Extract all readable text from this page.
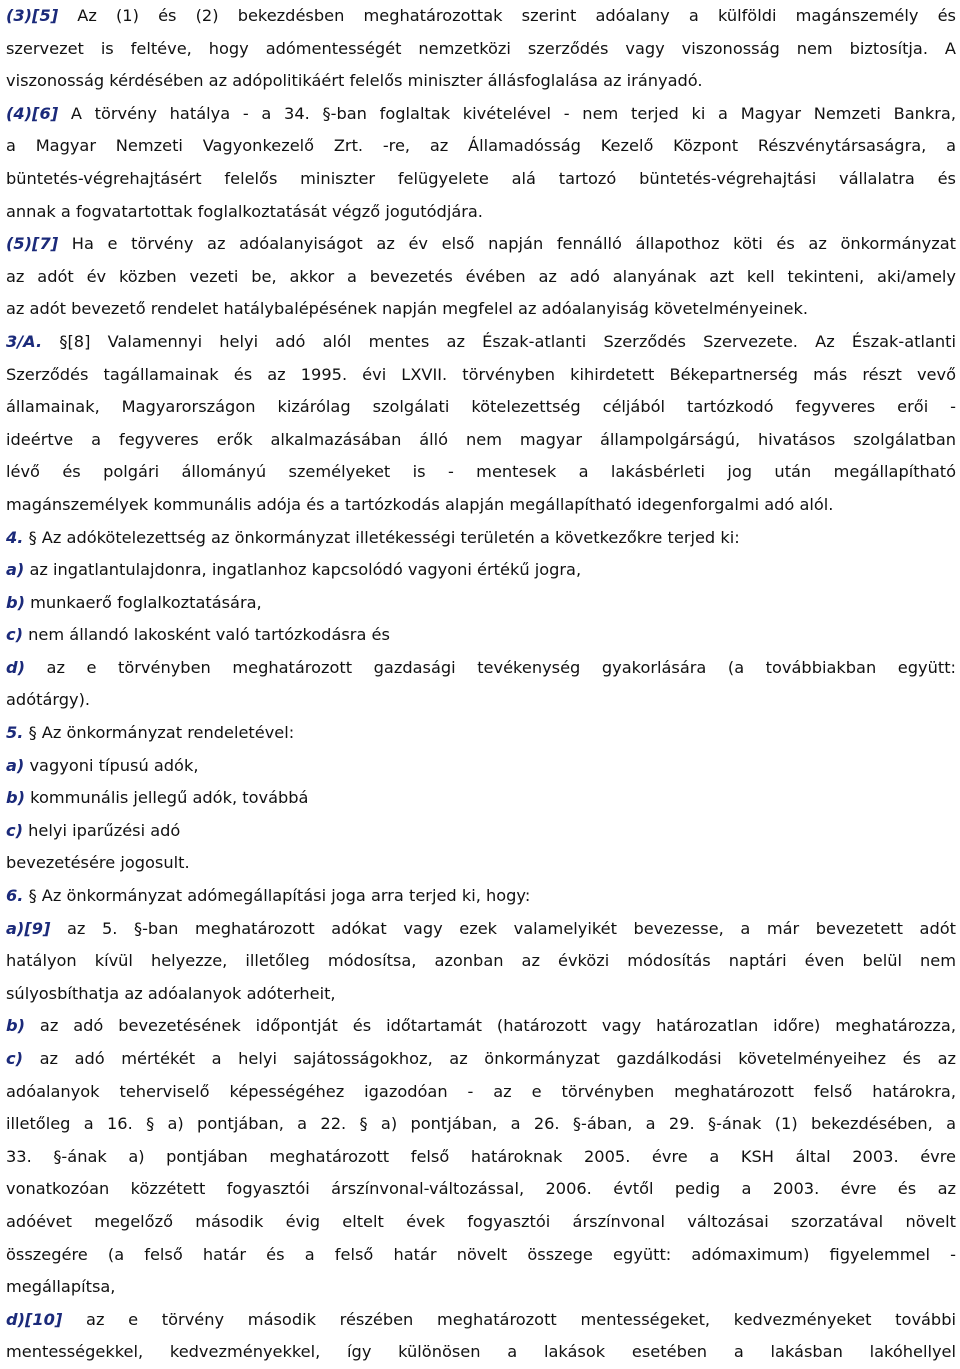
(3)[5] Az (1) és (2) bekezdésben meghatározottak szerint adóalany a külföldi magánszemély és
szervezet is feltéve, hogy adómentességét nemzetközi szerződés vagy viszonosság nem biztosítja. A
viszonosság kérdésében az adópolitikáért felelős miniszter állásfoglalása az irányadó.
(4)[6] A törvény hatálya - a 34. §-ban foglaltak kivételével - nem terjed ki a Magyar Nemzeti Bankra,
a Magyar Nemzeti Vagyonkezelő Zrt. -re, az Államadósság Kezelő Központ Részvénytársaságra, a
büntetés-végrehajtásért felelős miniszter felügyelete alá tartozó büntetés-végrehajtási vállalatra és
annak a fogvatartottak foglalkoztatását végző jogutódjára.
(5)[7] Ha e törvény az adóalanyiságot az év első napján fennálló állapothoz köti és az önkormányzat
az adót év közben vezeti be, akkor a bevezetés évében az adó alanyának azt kell tekinteni, aki/amely
az adót bevezető rendelet hatálybalépésének napján megfelel az adóalanyiság követelményeinek.
3/A. §[8] Valamennyi helyi adó alól mentes az Észak-atlanti Szerződés Szervezete. Az Észak-atlanti
Szerződés tagállamainak és az 1995. évi LXVII. törvényben kihirdetett Békepartnerség más részt vevő
államainak, Magyarországon kizárólag szolgálati kötelezettség céljából tartózkodó fegyveres erői -
ideértve a fegyveres erők alkalmazásában álló nem magyar állampolgárságú, hivatásos szolgálatban
lévő és polgári állományú személyeket is - mentesek a lakásbérleti jog után megállapítható
magánszemélyek kommunális adója és a tartózkodás alapján megállapítható idegenforgalmi adó alól.
4. § Az adókötelezettség az önkormányzat illetékességi területén a következőkre terjed ki:
a) az ingatlantulajdonra, ingatlanhoz kapcsolódó vagyoni értékű jogra,
b) munkaerő foglalkoztatására,
c) nem állandó lakosként való tartózkodásra és
d) az e törvényben meghatározott gazdasági tevékenység gyakorlására (a továbbiakban együtt:
adótárgy).
5. § Az önkormányzat rendeletével:
a) vagyoni típusú adók,
b) kommunális jellegű adók, továbbá
c) helyi iparűzési adó
bevezetésére jogosult.
6. § Az önkormányzat adómegállapítási joga arra terjed ki, hogy:
a)[9] az 5. §-ban meghatározott adókat vagy ezek valamelyikét bevezesse, a már bevezetett adót
hatályon kívül helyezze, illetőleg módosítsa, azonban az évközi módosítás naptári éven belül nem
súlyosbíthatja az adóalanyok adóterheit,
b) az adó bevezetésének időpontját és időtartamát (határozott vagy határozatlan időre) meghatározza,
c) az adó mértékét a helyi sajátosságokhoz, az önkormányzat gazdálkodási követelményeihez és az
adóalanyok teherviselő képességéhez igazodóan - az e törvényben meghatározott felső határokra,
illetőleg a 16. § a) pontjában, a 22. § a) pontjában, a 26. §-ában, a 29. §-ának (1) bekezdésében, a
33. §-ának a) pontjában meghatározott felső határoknak 2005. évre a KSH által 2003. évre
vonatkozóan közzétett fogyasztói árszínvonal-változással, 2006. évtől pedig a 2003. évre és az
adóévet megelőző második évig eltelt évek fogyasztói árszínvonal változásai szorzatával növelt
összegére (a felső határ és a felső határ növelt összege együtt: adómaximum) figyelemmel -
megállapítsa,
d)[10] az e törvény második részében meghatározott mentességeket, kedvezményeket további
mentességekkel, kedvezményekkel, így különösen a lakások esetében a lakásban lakóhellyel
